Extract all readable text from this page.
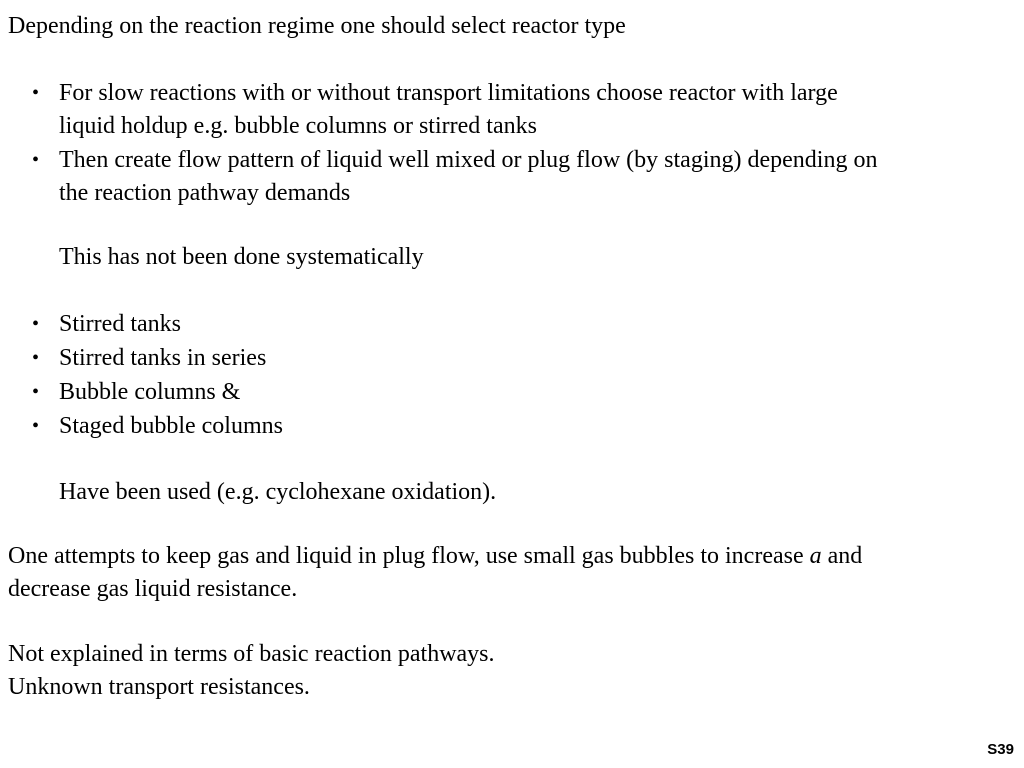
Depending on the reaction regime one should select reactor type
• For slow reactions with or without transport limitations choose reactor with large
liquid holdup e.g. bubble columns or stirred tanks
• Then create flow pattern of liquid well mixed or plug flow (by staging) depending on
the reaction pathway demands
This has not been done systematically
• Stirred tanks
• Stirred tanks in series
• Bubble columns &
• Staged bubble columns
Have been used (e.g. cyclohexane oxidation).
One attempts to keep gas and liquid in plug flow, use small gas bubbles to increase a and
decrease gas liquid resistance.
Not explained in terms of basic reaction pathways.
Unknown transport resistances.
S39
